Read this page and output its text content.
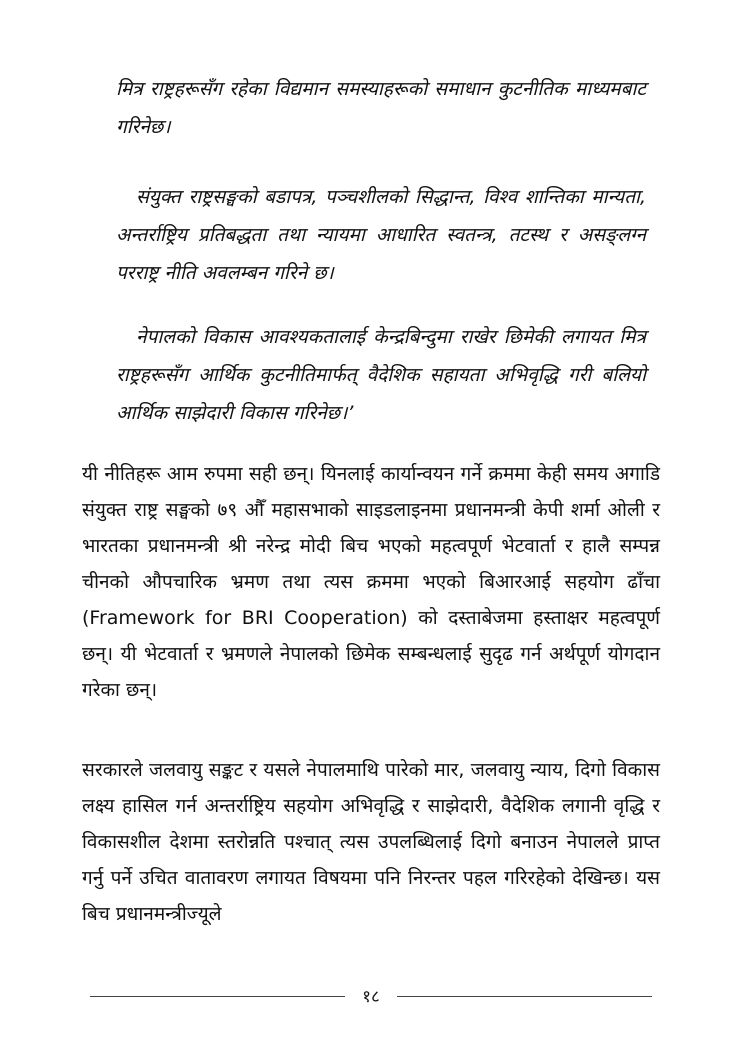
मित्र राष्ट्रहरूसँग रहेका विद्यमान समस्याहरूको समाधान कुटनीतिक माध्यमबाट गरिनेछ।

संयुक्त राष्ट्रसङ्घको बडापत्र, पञ्चशीलको सिद्धान्त, विश्व शान्तिका मान्यता, अन्तर्राष्ट्रिय प्रतिबद्धता तथा न्यायमा आधारित स्वतन्त्र, तटस्थ र असङ्लग्न परराष्ट्र नीति अवलम्बन गरिने छ।

नेपालको विकास आवश्यकतालाई केन्द्रबिन्दुमा राखेर छिमेकी लगायत मित्र राष्ट्रहरूसँग आर्थिक कुटनीतिमार्फत् वैदेशिक सहायता अभिवृद्धि गरी बलियो आर्थिक साझेदारी विकास गरिनेछ।’

यी नीतिहरू आम रुपमा सही छन्। यिनलाई कार्यान्वयन गर्ने क्रममा केही समय अगाडि संयुक्त राष्ट्र सङ्घको ७९ औँ महासभाको साइडलाइनमा प्रधानमन्त्री केपी शर्मा ओली र भारतका प्रधानमन्त्री श्री नरेन्द्र मोदी बिच भएको महत्वपूर्ण भेटवार्ता र हालै सम्पन्न चीनको औपचारिक भ्रमण तथा त्यस क्रममा भएको बिआरआई सहयोग ढाँचा (Framework for BRI Cooperation) को दस्ताबेजमा हस्ताक्षर महत्वपूर्ण छन्। यी भेटवार्ता र भ्रमणले नेपालको छिमेक सम्बन्धलाई सुदृढ गर्न अर्थपूर्ण योगदान गरेका छन्।

सरकारले जलवायु सङ्कट र यसले नेपालमाथि पारेको मार, जलवायु न्याय, दिगो विकास लक्ष्य हासिल गर्न अन्तर्राष्ट्रिय सहयोग अभिवृद्धि र साझेदारी, वैदेशिक लगानी वृद्धि र विकासशील देशमा स्तरोन्नति पश्चात् त्यस उपलब्धिलाई दिगो बनाउन नेपालले प्राप्त गर्नु पर्ने उचित वातावरण लगायत विषयमा पनि निरन्तर पहल गरिरहेको देखिन्छ। यस बिच प्रधानमन्त्रीज्यूले

१८
